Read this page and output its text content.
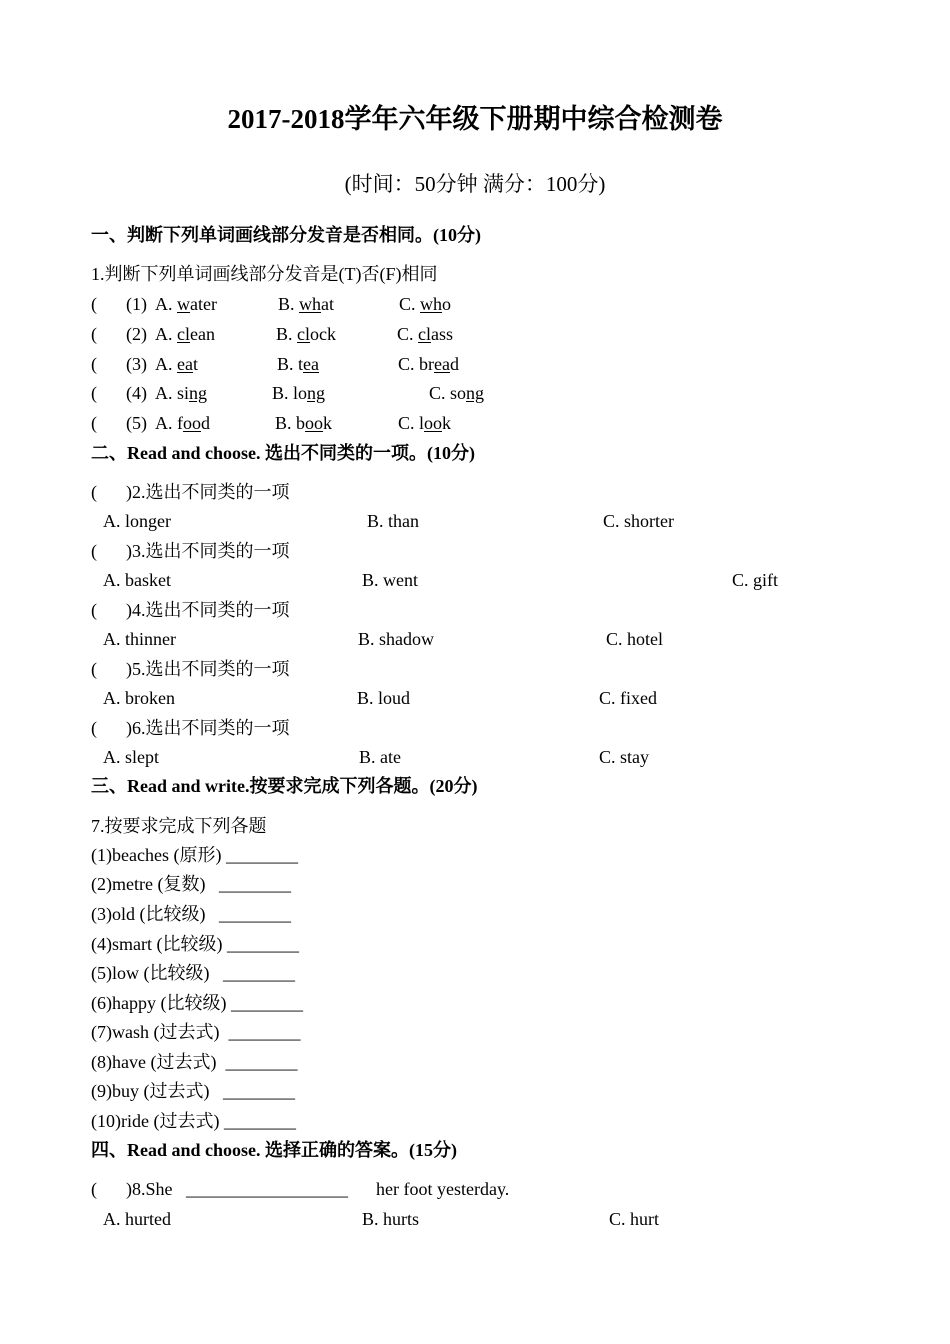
2017-2018学年六年级下册期中综合检测卷
(时间：50分钟 满分：100分)
一、判断下列单词画线部分发音是否相同。(10分)
1.判断下列单词画线部分发音是(T)否(F)相同
( (1) A. water	B. what	C. who
( (2) A. clean	B. clock	C. class
( (3) A. eat	B. tea	C. bread
( (4) A. sing	B. long	C. song
( (5) A. food	B. book	C. look
二、Read and choose. 选出不同类的一项。(10分)
( )2.选出不同类的一项
A. longer	B. than	C. shorter
( )3.选出不同类的一项
A. basket	B. went	C. gift
( )4.选出不同类的一项
A. thinner	B. shadow	C. hotel
( )5.选出不同类的一项
A. broken	B. loud	C. fixed
( )6.选出不同类的一项
A. slept	B. ate	C. stay
三、Read and write.按要求完成下列各题。(20分)
7.按要求完成下列各题
(1)beaches (原形) ________
(2)metre (复数)   ________
(3)old (比较级)   ________
(4)smart (比较级) ________
(5)low (比较级)   ________
(6)happy (比较级) ________
(7)wash (过去式)  ________
(8)have (过去式)  ________
(9)buy (过去式)   ________
(10)ride (过去式) ________
四、Read and choose. 选择正确的答案。(15分)
( )8.She __________________ her foot yesterday.
A. hurted	B. hurts	C. hurt
